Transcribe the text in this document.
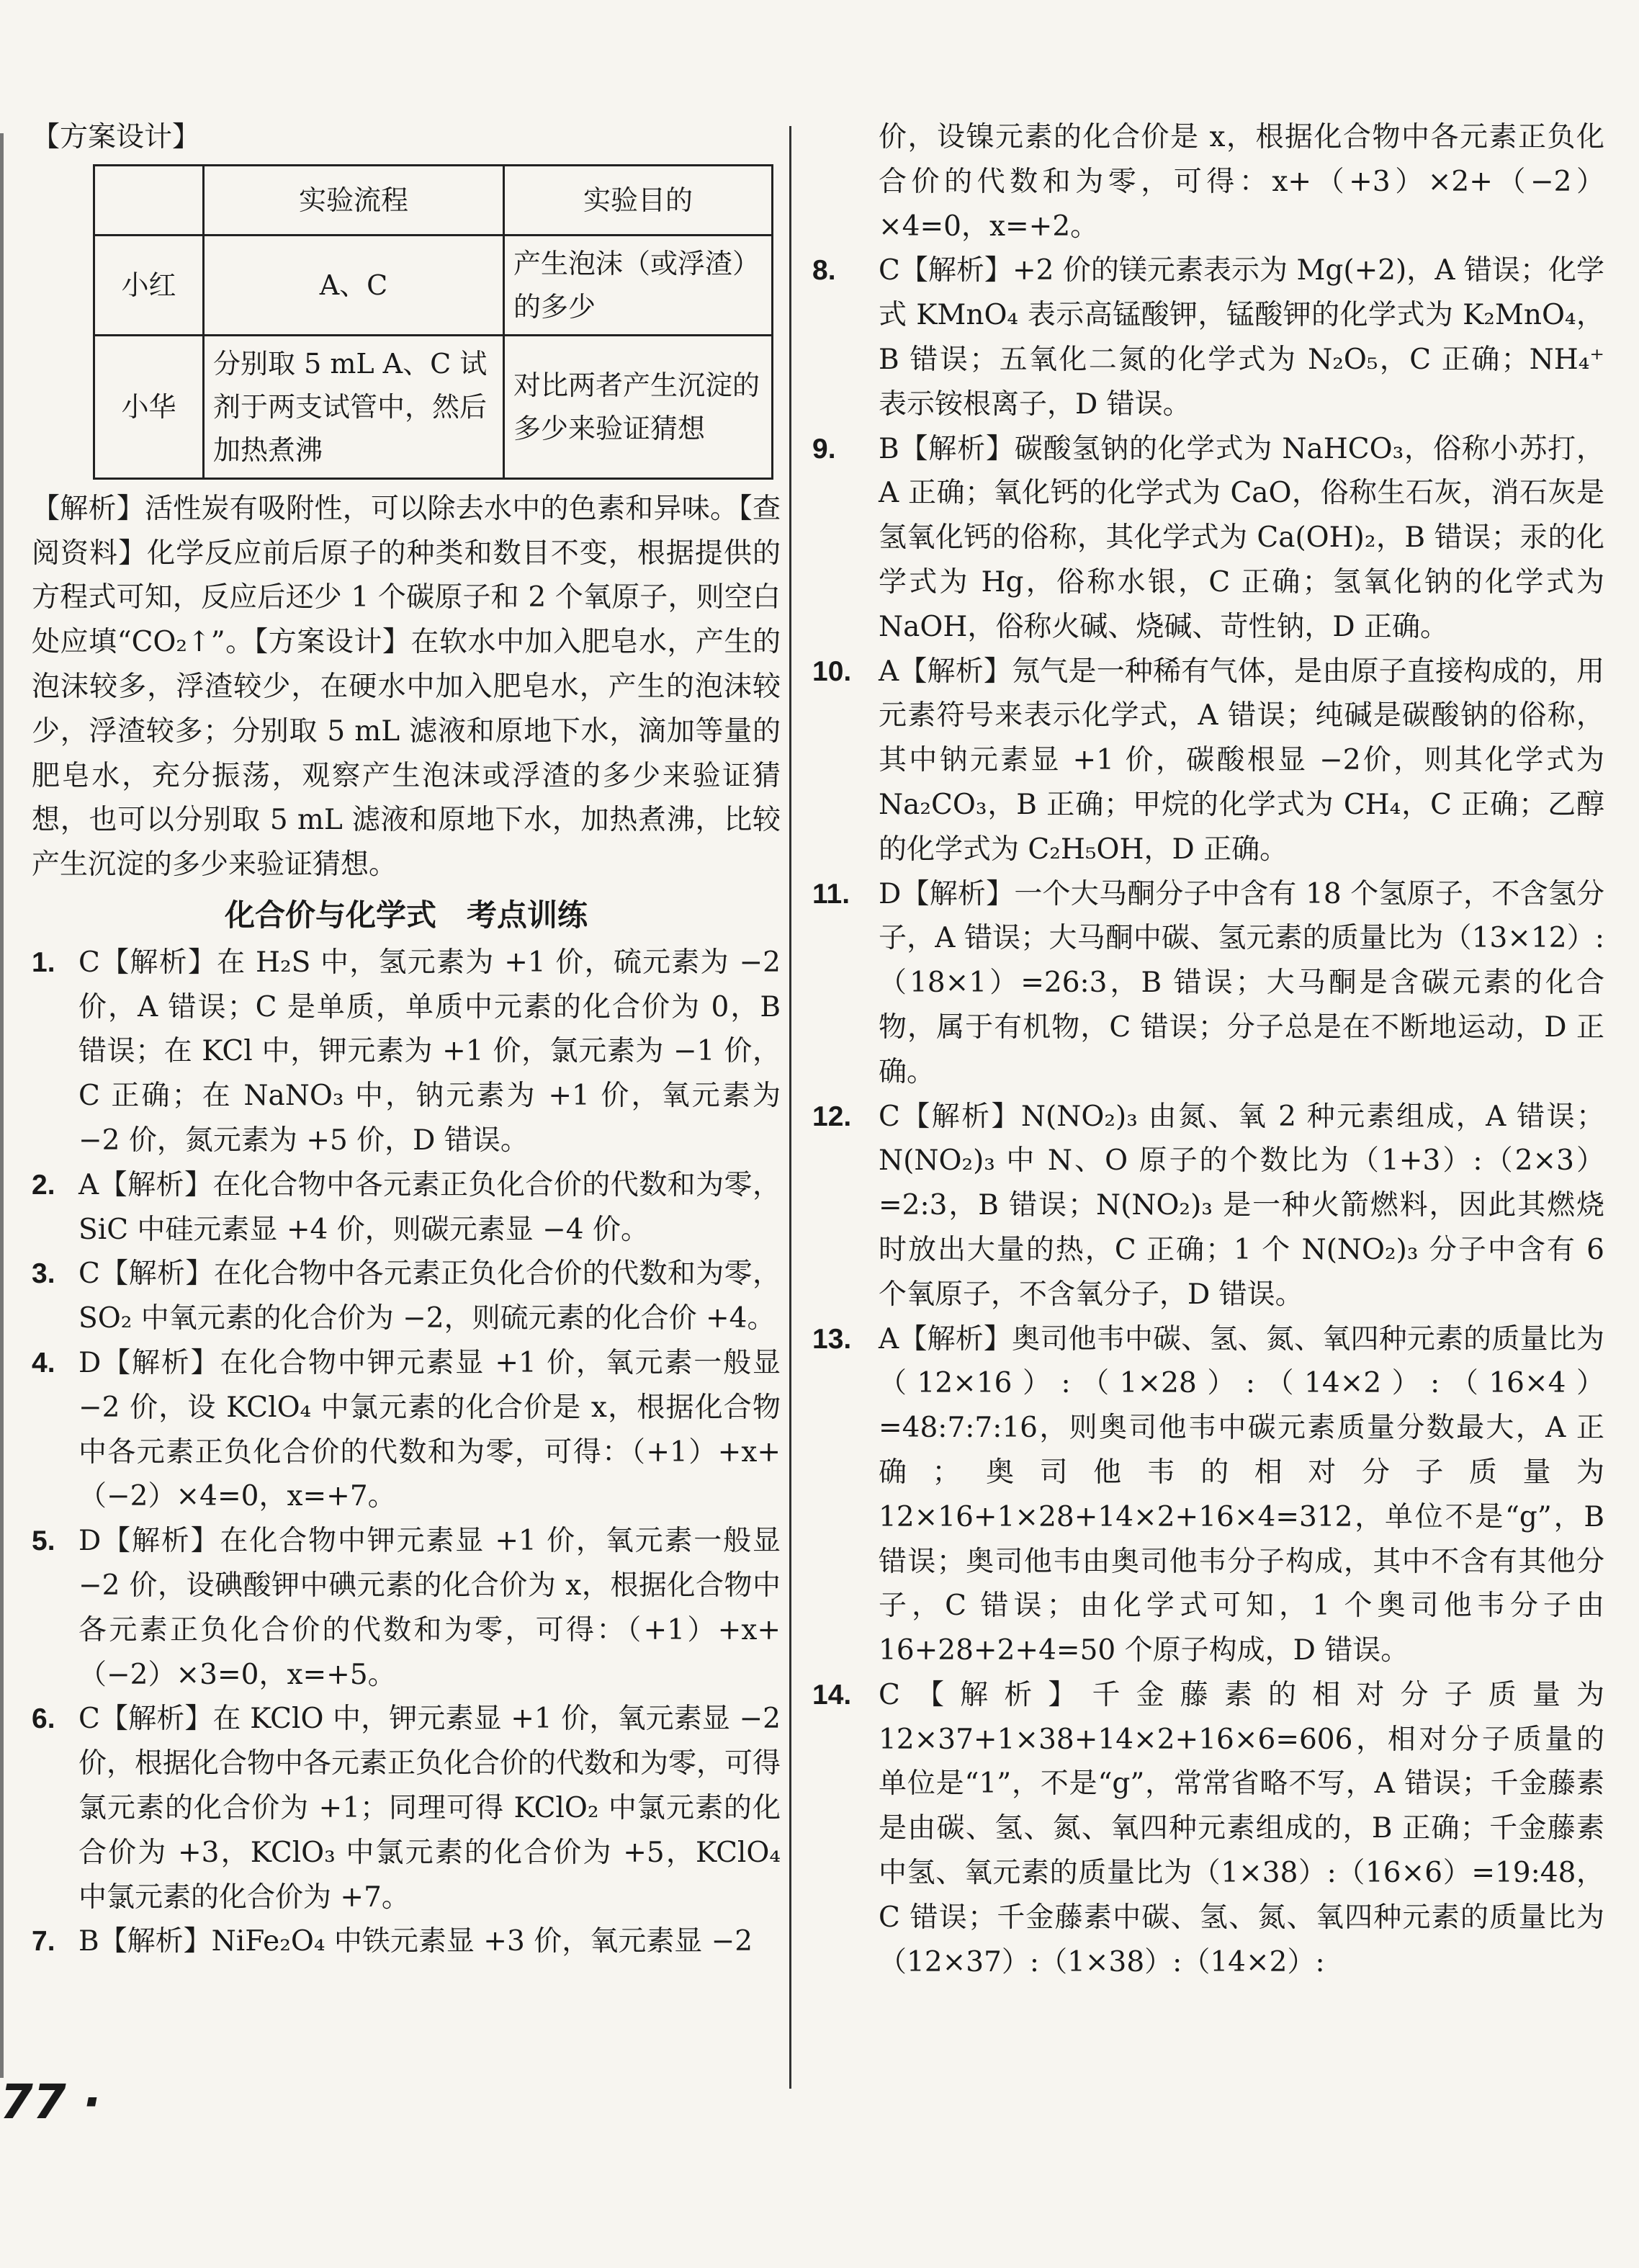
【方案设计】
	实验流程	实验目的
小红	A、C	产生泡沫（或浮渣）的多少
小华	分别取 5 mL A、C 试剂于两支试管中，然后加热煮沸	对比两者产生沉淀的多少来验证猜想
【解析】活性炭有吸附性，可以除去水中的色素和异味。【查阅资料】化学反应前后原子的种类和数目不变，根据提供的方程式可知，反应后还少 1 个碳原子和 2 个氧原子，则空白处应填“CO₂↑”。【方案设计】在软水中加入肥皂水，产生的泡沫较多，浮渣较少，在硬水中加入肥皂水，产生的泡沫较少，浮渣较多；分别取 5 mL 滤液和原地下水，滴加等量的肥皂水，充分振荡，观察产生泡沫或浮渣的多少来验证猜想，也可以分别取 5 mL 滤液和原地下水，加热煮沸，比较产生沉淀的多少来验证猜想。
化合价与化学式　考点训练
1. C【解析】在 H₂S 中，氢元素为 +1 价，硫元素为 −2价，A 错误；C 是单质，单质中元素的化合价为 0，B 错误；在 KCl 中，钾元素为 +1 价，氯元素为 −1 价，C 正确；在 NaNO₃ 中，钠元素为 +1 价，氧元素为 −2 价，氮元素为 +5 价，D 错误。
2. A【解析】在化合物中各元素正负化合价的代数和为零，SiC 中硅元素显 +4 价，则碳元素显 −4 价。
3. C【解析】在化合物中各元素正负化合价的代数和为零，SO₂ 中氧元素的化合价为 −2，则硫元素的化合价 +4。
4. D【解析】在化合物中钾元素显 +1 价，氧元素一般显 −2 价，设 KClO₄ 中氯元素的化合价是 x，根据化合物中各元素正负化合价的代数和为零，可得：（+1）+x+（−2）×4=0，x=+7。
5. D【解析】在化合物中钾元素显 +1 价，氧元素一般显 −2 价，设碘酸钾中碘元素的化合价为 x，根据化合物中各元素正负化合价的代数和为零，可得：（+1）+x+（−2）×3=0，x=+5。
6. C【解析】在 KClO 中，钾元素显 +1 价，氧元素显 −2 价，根据化合物中各元素正负化合价的代数和为零，可得氯元素的化合价为 +1；同理可得 KClO₂ 中氯元素的化合价为 +3，KClO₃ 中氯元素的化合价为 +5，KClO₄ 中氯元素的化合价为 +7。
7. B【解析】NiFe₂O₄ 中铁元素显 +3 价，氧元素显 −2
价，设镍元素的化合价是 x，根据化合物中各元素正负化合价的代数和为零，可得：x+（+3）×2+（−2）×4=0，x=+2。
8.	C【解析】+2 价的镁元素表示为 Mg(+2)，A 错误；化学式 KMnO₄ 表示高锰酸钾，锰酸钾的化学式为 K₂MnO₄，B 错误；五氧化二氮的化学式为 N₂O₅，C 正确；NH₄⁺ 表示铵根离子，D 错误。
9.	B【解析】碳酸氢钠的化学式为 NaHCO₃，俗称小苏打，A 正确；氧化钙的化学式为 CaO，俗称生石灰，消石灰是氢氧化钙的俗称，其化学式为 Ca(OH)₂，B 错误；汞的化学式为 Hg，俗称水银，C 正确；氢氧化钠的化学式为 NaOH，俗称火碱、烧碱、苛性钠，D 正确。
10. A【解析】氖气是一种稀有气体，是由原子直接构成的，用元素符号来表示化学式，A 错误；纯碱是碳酸钠的俗称，其中钠元素显 +1 价，碳酸根显 −2价，则其化学式为 Na₂CO₃，B 正确；甲烷的化学式为 CH₄，C 正确；乙醇的化学式为 C₂H₅OH，D 正确。
11.	D【解析】一个大马酮分子中含有 18 个氢原子，不含氢分子，A 错误；大马酮中碳、氢元素的质量比为（13×12）:（18×1）=26:3，B 错误；大马酮是含碳元素的化合物，属于有机物，C 错误；分子总是在不断地运动，D 正确。
12. C【解析】N(NO₂)₃ 由氮、氧 2 种元素组成，A 错误；N(NO₂)₃ 中 N、O 原子的个数比为（1+3）:（2×3）=2:3，B 错误；N(NO₂)₃ 是一种火箭燃料，因此其燃烧时放出大量的热，C 正确；1 个 N(NO₂)₃ 分子中含有 6 个氧原子，不含氧分子，D 错误。
13. A【解析】奥司他韦中碳、氢、氮、氧四种元素的质量比为（12×16）:（1×28）:（14×2）:（16×4）=48:7:7:16，则奥司他韦中碳元素质量分数最大，A 正确；奥司他韦的相对分子质量为 12×16+1×28+14×2+16×4=312，单位不是“g”，B 错误；奥司他韦由奥司他韦分子构成，其中不含有其他分子，C 错误；由化学式可知，1 个奥司他韦分子由 16+28+2+4=50 个原子构成，D 错误。
14. C【解析】千金藤素的相对分子质量为 12×37+1×38+14×2+16×6=606，相对分子质量的单位是“1”，不是“g”，常常省略不写，A 错误；千金藤素是由碳、氢、氮、氧四种元素组成的，B 正确；千金藤素中氢、氧元素的质量比为（1×38）:（16×6）=19:48，C 错误；千金藤素中碳、氢、氮、氧四种元素的质量比为（12×37）:（1×38）:（14×2）:
77 ·
